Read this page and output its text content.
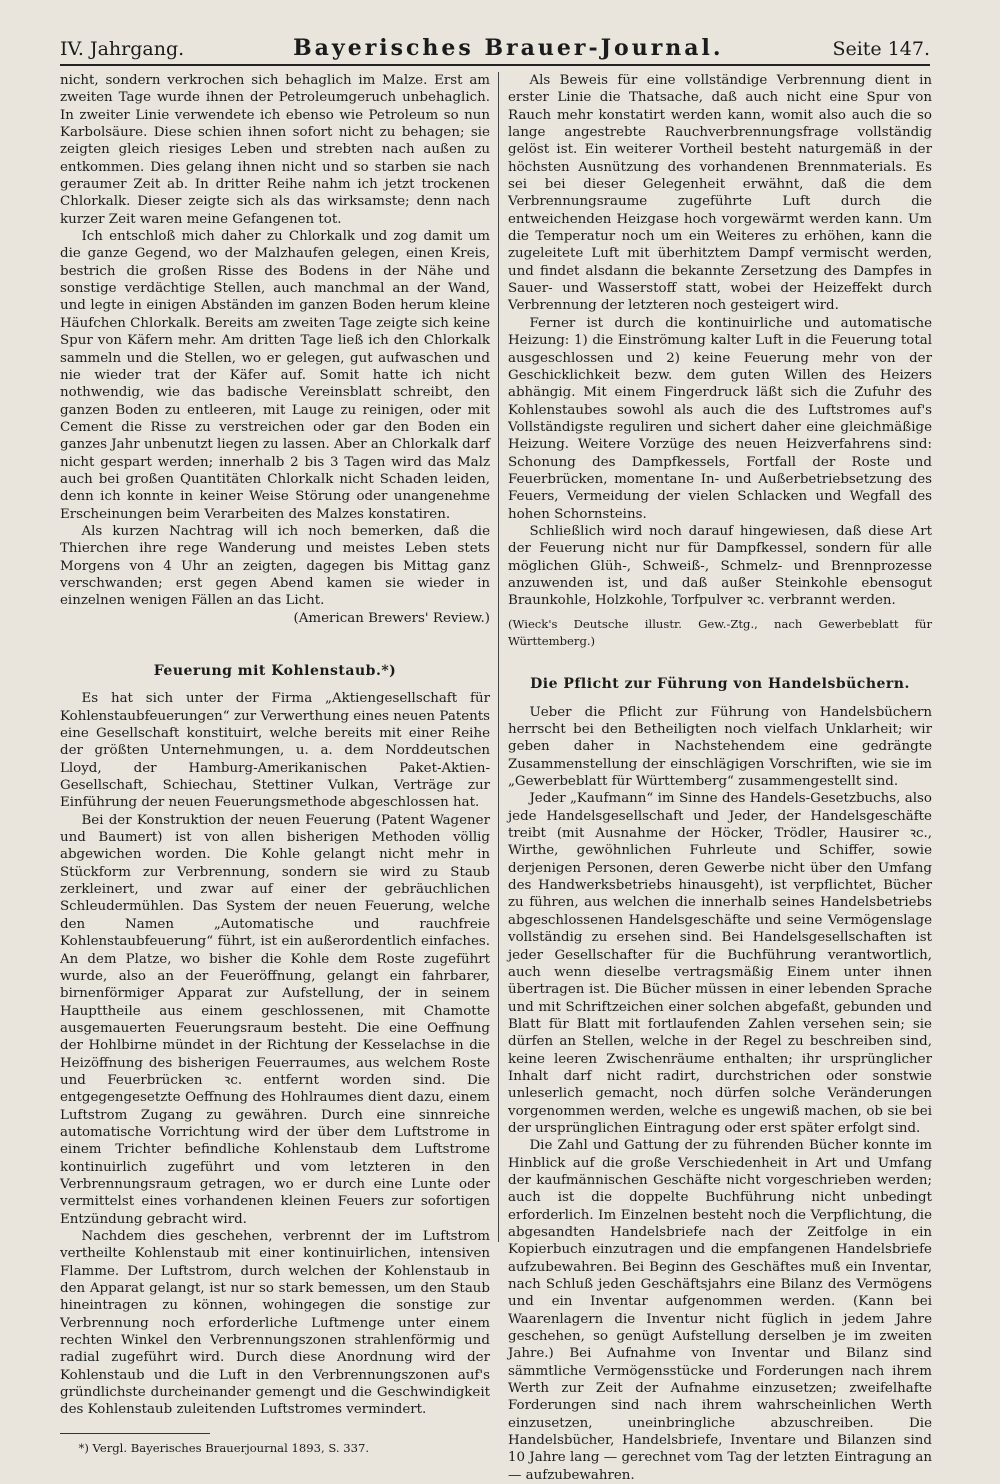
IV. Jahrgang.	Bayerisches Brauer-Journal.	Seite 147.

nicht, sondern verkrochen sich behaglich im Malze. Erst am zweiten Tage wurde ihnen der Petroleumgeruch unbehaglich. In zweiter Linie verwendete ich ebenso wie Petroleum so nun Karbolsäure. Diese schien ihnen sofort nicht zu behagen; sie zeigten gleich riesiges Leben und strebten nach außen zu entkommen. Dies gelang ihnen nicht und so starben sie nach geraumer Zeit ab. In dritter Reihe nahm ich jetzt trockenen Chlorkalk. Dieser zeigte sich als das wirksamste; denn nach kurzer Zeit waren meine Gefangenen tot.

Ich entschloß mich daher zu Chlorkalk und zog damit um die ganze Gegend, wo der Malzhaufen gelegen, einen Kreis, bestrich die großen Risse des Bodens in der Nähe und sonstige verdächtige Stellen, auch manchmal an der Wand, und legte in einigen Abständen im ganzen Boden herum kleine Häufchen Chlorkalk. Bereits am zweiten Tage zeigte sich keine Spur von Käfern mehr. Am dritten Tage ließ ich den Chlorkalk sammeln und die Stellen, wo er gelegen, gut aufwaschen und nie wieder trat der Käfer auf. Somit hatte ich nicht nothwendig, wie das badische Vereinsblatt schreibt, den ganzen Boden zu entleeren, mit Lauge zu reinigen, oder mit Cement die Risse zu verstreichen oder gar den Boden ein ganzes Jahr unbenutzt liegen zu lassen. Aber an Chlorkalk darf nicht gespart werden; innerhalb 2 bis 3 Tagen wird das Malz auch bei großen Quantitäten Chlorkalk nicht Schaden leiden, denn ich konnte in keiner Weise Störung oder unangenehme Erscheinungen beim Verarbeiten des Malzes konstatiren.

Als kurzen Nachtrag will ich noch bemerken, daß die Thierchen ihre rege Wanderung und meistes Leben stets Morgens von 4 Uhr an zeigten, dagegen bis Mittag ganz verschwanden; erst gegen Abend kamen sie wieder in einzelnen wenigen Fällen an das Licht.

(American Brewers' Review.)

Feuerung mit Kohlenstaub.*)

Es hat sich unter der Firma „Aktiengesellschaft für Kohlenstaubfeuerungen“ zur Verwerthung eines neuen Patents eine Gesellschaft konstituirt, welche bereits mit einer Reihe der größten Unternehmungen, u. a. dem Norddeutschen Lloyd, der Hamburg-Amerikanischen Paket-Aktien-Gesellschaft, Schiechau, Stettiner Vulkan, Verträge zur Einführung der neuen Feuerungsmethode abgeschlossen hat.

Bei der Konstruktion der neuen Feuerung (Patent Wagener und Baumert) ist von allen bisherigen Methoden völlig abgewichen worden. Die Kohle gelangt nicht mehr in Stückform zur Verbrennung, sondern sie wird zu Staub zerkleinert, und zwar auf einer der gebräuchlichen Schleudermühlen. Das System der neuen Feuerung, welche den Namen „Automatische und rauchfreie Kohlenstaubfeuerung“ führt, ist ein außerordentlich einfaches. An dem Platze, wo bisher die Kohle dem Roste zugeführt wurde, also an der Feueröffnung, gelangt ein fahrbarer, birnenförmiger Apparat zur Aufstellung, der in seinem Haupttheile aus einem geschlossenen, mit Chamotte ausgemauerten Feuerungsraum besteht. Die eine Oeffnung der Hohlbirne mündet in der Richtung der Kesselachse in die Heizöffnung des bisherigen Feuerraumes, aus welchem Roste und Feuerbrücken ꝛc. entfernt worden sind. Die entgegengesetzte Oeffnung des Hohlraumes dient dazu, einem Luftstrom Zugang zu gewähren. Durch eine sinnreiche automatische Vorrichtung wird der über dem Luftstrome in einem Trichter befindliche Kohlenstaub dem Luftstrome kontinuirlich zugeführt und vom letzteren in den Verbrennungsraum getragen, wo er durch eine Lunte oder vermittelst eines vorhandenen kleinen Feuers zur sofortigen Entzündung gebracht wird.

Nachdem dies geschehen, verbrennt der im Luftstrom vertheilte Kohlenstaub mit einer kontinuirlichen, intensiven Flamme. Der Luftstrom, durch welchen der Kohlenstaub in den Apparat gelangt, ist nur so stark bemessen, um den Staub hineintragen zu können, wohingegen die sonstige zur Verbrennung noch erforderliche Luftmenge unter einem rechten Winkel den Verbrennungszonen strahlenförmig und radial zugeführt wird. Durch diese Anordnung wird der Kohlenstaub und die Luft in den Verbrennungszonen auf's gründlichste durcheinander gemengt und die Geschwindigkeit des Kohlenstaub zuleitenden Luftstromes vermindert.

*) Vergl. Bayerisches Brauerjournal 1893, S. 337.

Als Beweis für eine vollständige Verbrennung dient in erster Linie die Thatsache, daß auch nicht eine Spur von Rauch mehr konstatirt werden kann, womit also auch die so lange angestrebte Rauchverbrennungsfrage vollständig gelöst ist. Ein weiterer Vortheil besteht naturgemäß in der höchsten Ausnützung des vorhandenen Brennmaterials. Es sei bei dieser Gelegenheit erwähnt, daß die dem Verbrennungsraume zugeführte Luft durch die entweichenden Heizgase hoch vorgewärmt werden kann. Um die Temperatur noch um ein Weiteres zu erhöhen, kann die zugeleitete Luft mit überhitztem Dampf vermischt werden, und findet alsdann die bekannte Zersetzung des Dampfes in Sauer- und Wasserstoff statt, wobei der Heizeffekt durch Verbrennung der letzteren noch gesteigert wird.

Ferner ist durch die kontinuirliche und automatische Heizung: 1) die Einströmung kalter Luft in die Feuerung total ausgeschlossen und 2) keine Feuerung mehr von der Geschicklichkeit bezw. dem guten Willen des Heizers abhängig. Mit einem Fingerdruck läßt sich die Zufuhr des Kohlenstaubes sowohl als auch die des Luftstromes auf's Vollständigste reguliren und sichert daher eine gleichmäßige Heizung. Weitere Vorzüge des neuen Heizverfahrens sind: Schonung des Dampfkessels, Fortfall der Roste und Feuerbrücken, momentane In- und Außerbetriebsetzung des Feuers, Vermeidung der vielen Schlacken und Wegfall des hohen Schornsteins.

Schließlich wird noch darauf hingewiesen, daß diese Art der Feuerung nicht nur für Dampfkessel, sondern für alle möglichen Glüh-, Schweiß-, Schmelz- und Brennprozesse anzuwenden ist, und daß außer Steinkohle ebensogut Braunkohle, Holzkohle, Torfpulver ꝛc. verbrannt werden.

(Wieck's Deutsche illustr. Gew.-Ztg., nach Gewerbeblatt für Württemberg.)

Die Pflicht zur Führung von Handelsbüchern.

Ueber die Pflicht zur Führung von Handelsbüchern herrscht bei den Betheiligten noch vielfach Unklarheit; wir geben daher in Nachstehendem eine gedrängte Zusammenstellung der einschlägigen Vorschriften, wie sie im „Gewerbeblatt für Württemberg“ zusammengestellt sind.

Jeder „Kaufmann“ im Sinne des Handels-Gesetzbuchs, also jede Handelsgesellschaft und Jeder, der Handelsgeschäfte treibt (mit Ausnahme der Höcker, Trödler, Hausirer ꝛc., Wirthe, gewöhnlichen Fuhrleute und Schiffer, sowie derjenigen Personen, deren Gewerbe nicht über den Umfang des Handwerksbetriebs hinausgeht), ist verpflichtet, Bücher zu führen, aus welchen die innerhalb seines Handelsbetriebs abgeschlossenen Handelsgeschäfte und seine Vermögenslage vollständig zu ersehen sind. Bei Handelsgesellschaften ist jeder Gesellschafter für die Buchführung verantwortlich, auch wenn dieselbe vertragsmäßig Einem unter ihnen übertragen ist. Die Bücher müssen in einer lebenden Sprache und mit Schriftzeichen einer solchen abgefaßt, gebunden und Blatt für Blatt mit fortlaufenden Zahlen versehen sein; sie dürfen an Stellen, welche in der Regel zu beschreiben sind, keine leeren Zwischenräume enthalten; ihr ursprünglicher Inhalt darf nicht radirt, durchstrichen oder sonstwie unleserlich gemacht, noch dürfen solche Veränderungen vorgenommen werden, welche es ungewiß machen, ob sie bei der ursprünglichen Eintragung oder erst später erfolgt sind.

Die Zahl und Gattung der zu führenden Bücher konnte im Hinblick auf die große Verschiedenheit in Art und Umfang der kaufmännischen Geschäfte nicht vorgeschrieben werden; auch ist die doppelte Buchführung nicht unbedingt erforderlich. Im Einzelnen besteht noch die Verpflichtung, die abgesandten Handelsbriefe nach der Zeitfolge in ein Kopierbuch einzutragen und die empfangenen Handelsbriefe aufzubewahren. Bei Beginn des Geschäftes muß ein Inventar, nach Schluß jeden Geschäftsjahrs eine Bilanz des Vermögens und ein Inventar aufgenommen werden. (Kann bei Waarenlagern die Inventur nicht füglich in jedem Jahre geschehen, so genügt Aufstellung derselben je im zweiten Jahre.) Bei Aufnahme von Inventar und Bilanz sind sämmtliche Vermögensstücke und Forderungen nach ihrem Werth zur Zeit der Aufnahme einzusetzen; zweifelhafte Forderungen sind nach ihrem wahrscheinlichen Werth einzusetzen, uneinbringliche abzuschreiben. Die Handelsbücher, Handelsbriefe, Inventare und Bilanzen sind 10 Jahre lang — gerechnet vom Tag der letzten Eintragung an — aufzubewahren.
